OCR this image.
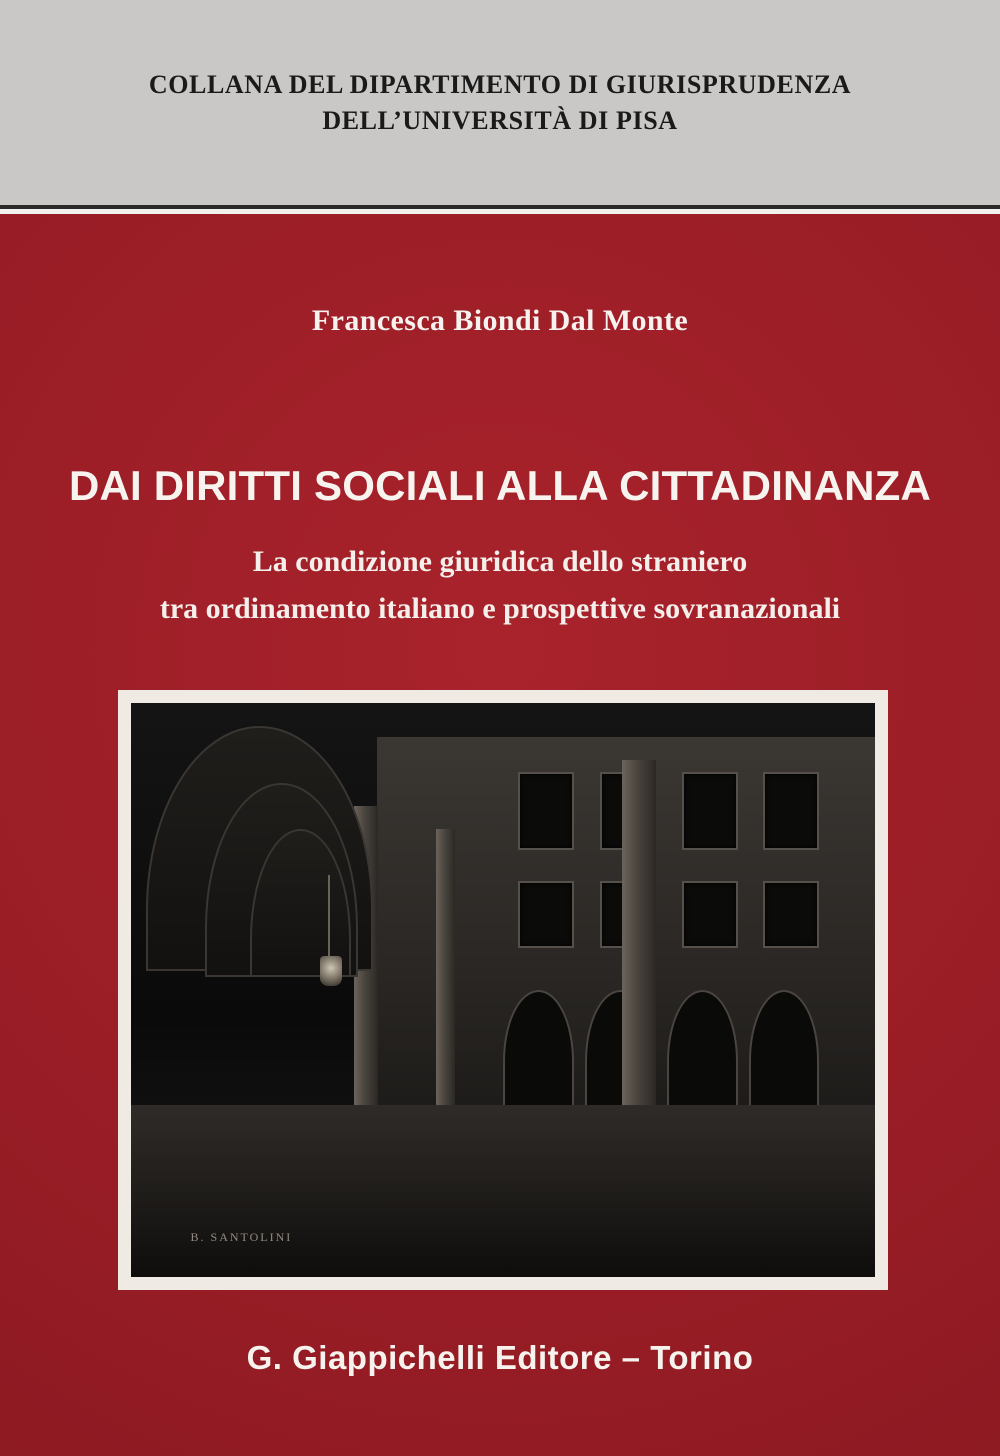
COLLANA DEL DIPARTIMENTO DI GIURISPRUDENZA
DELL’UNIVERSITÀ DI PISA
Francesca Biondi Dal Monte
DAI DIRITTI SOCIALI ALLA CITTADINANZA
La condizione giuridica dello straniero
tra ordinamento italiano e prospettive sovranazionali
B. SANTOLINI
G. Giappichelli Editore – Torino
